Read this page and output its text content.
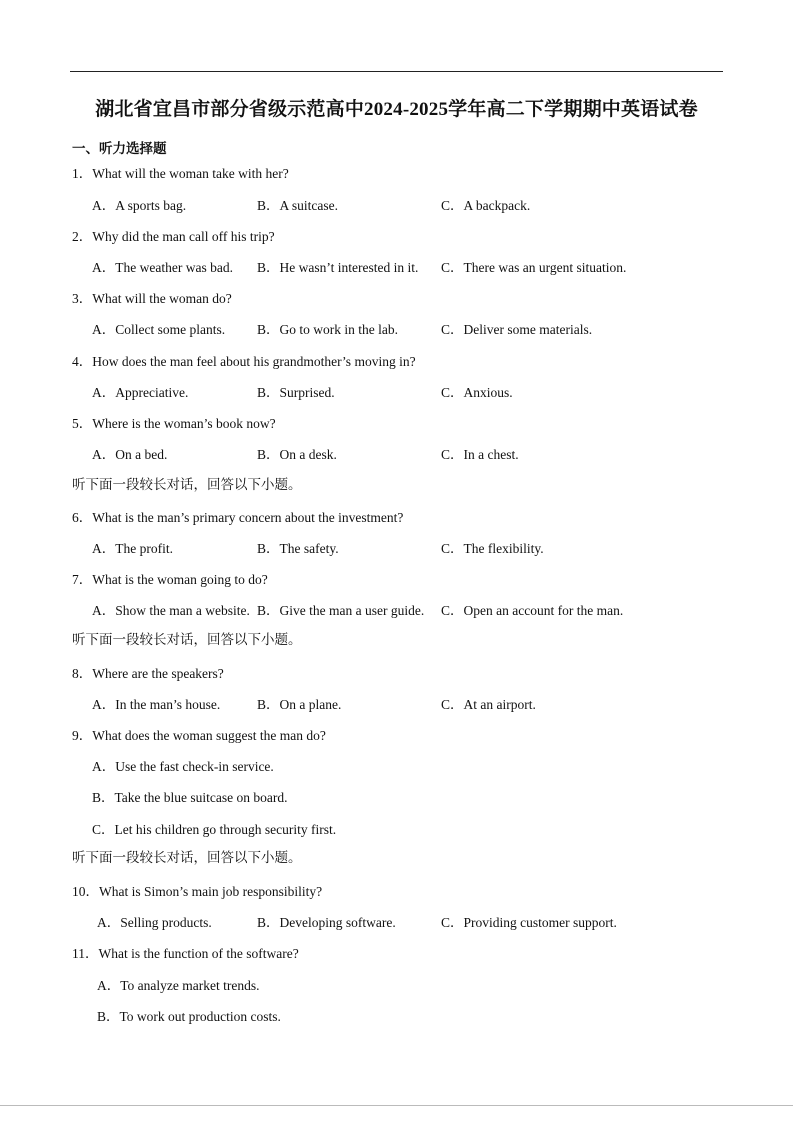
湖北省宜昌市部分省级示范高中2024-2025学年高二下学期期中英语试卷
一、听力选择题
1．What will the woman take with her?
A．A sports bag.	B．A suitcase.	C．A backpack.
2．Why did the man call off his trip?
A．The weather was bad. B．He wasn’t interested in it. C．There was an urgent situation.
3．What will the woman do?
A．Collect some plants. B．Go to work in the lab.	C．Deliver some materials.
4．How does the man feel about his grandmother’s moving in?
A．Appreciative.	B．Surprised.	C．Anxious.
5．Where is the woman’s book now?
A．On a bed.	B．On a desk.	C．In a chest.
听下面一段较长对话，回答以下小题。
6．What is the man’s primary concern about the investment?
A．The profit.	B．The safety.	C．The flexibility.
7．What is the woman going to do?
A．Show the man a website. B．Give the man a user guide. C．Open an account for the man.
听下面一段较长对话，回答以下小题。
8．Where are the speakers?
A．In the man’s house.	B．On a plane.	C．At an airport.
9．What does the woman suggest the man do?
A．Use the fast check-in service.
B．Take the blue suitcase on board.
C．Let his children go through security first.
听下面一段较长对话，回答以下小题。
10．What is Simon’s main job responsibility?
A．Selling products.	B．Developing software.	C．Providing customer support.
11．What is the function of the software?
A．To analyze market trends.
B．To work out production costs.
